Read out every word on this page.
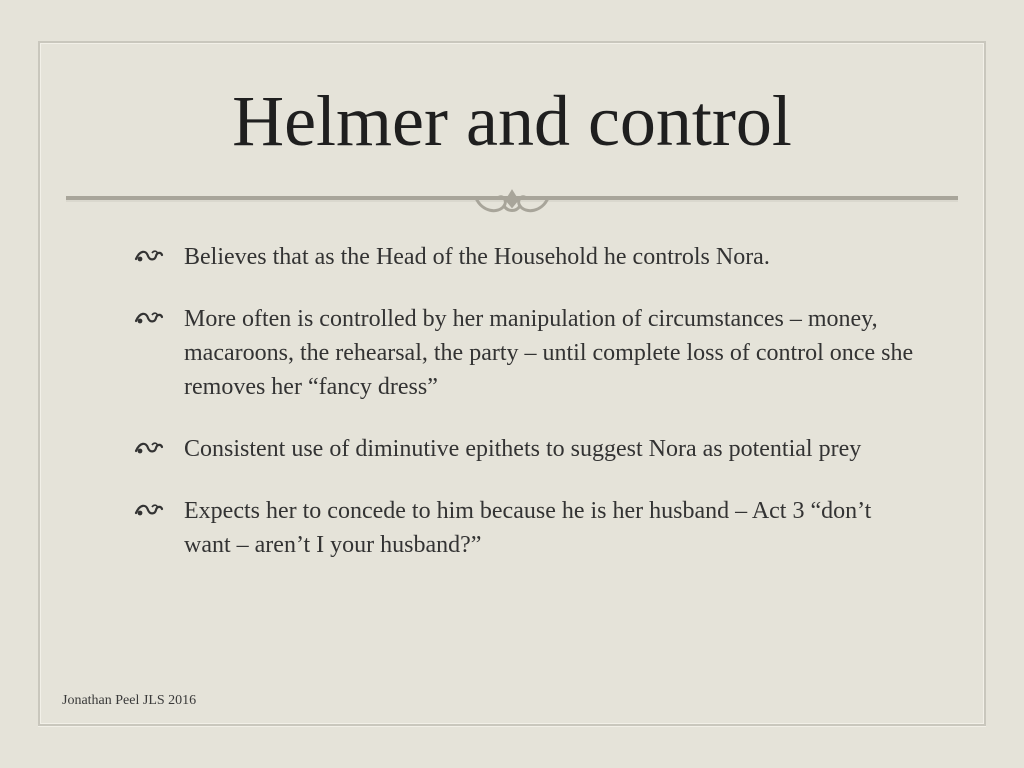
Helmer and control
Believes that as the Head of the Household he controls Nora.
More often is controlled by her manipulation of circumstances – money, macaroons, the rehearsal, the party – until complete loss of control once she removes her “fancy dress”
Consistent use of diminutive epithets to suggest Nora as potential prey
Expects her to concede to him because he is her husband – Act 3 “don’t want – aren’t I your husband?”
Jonathan Peel JLS 2016
